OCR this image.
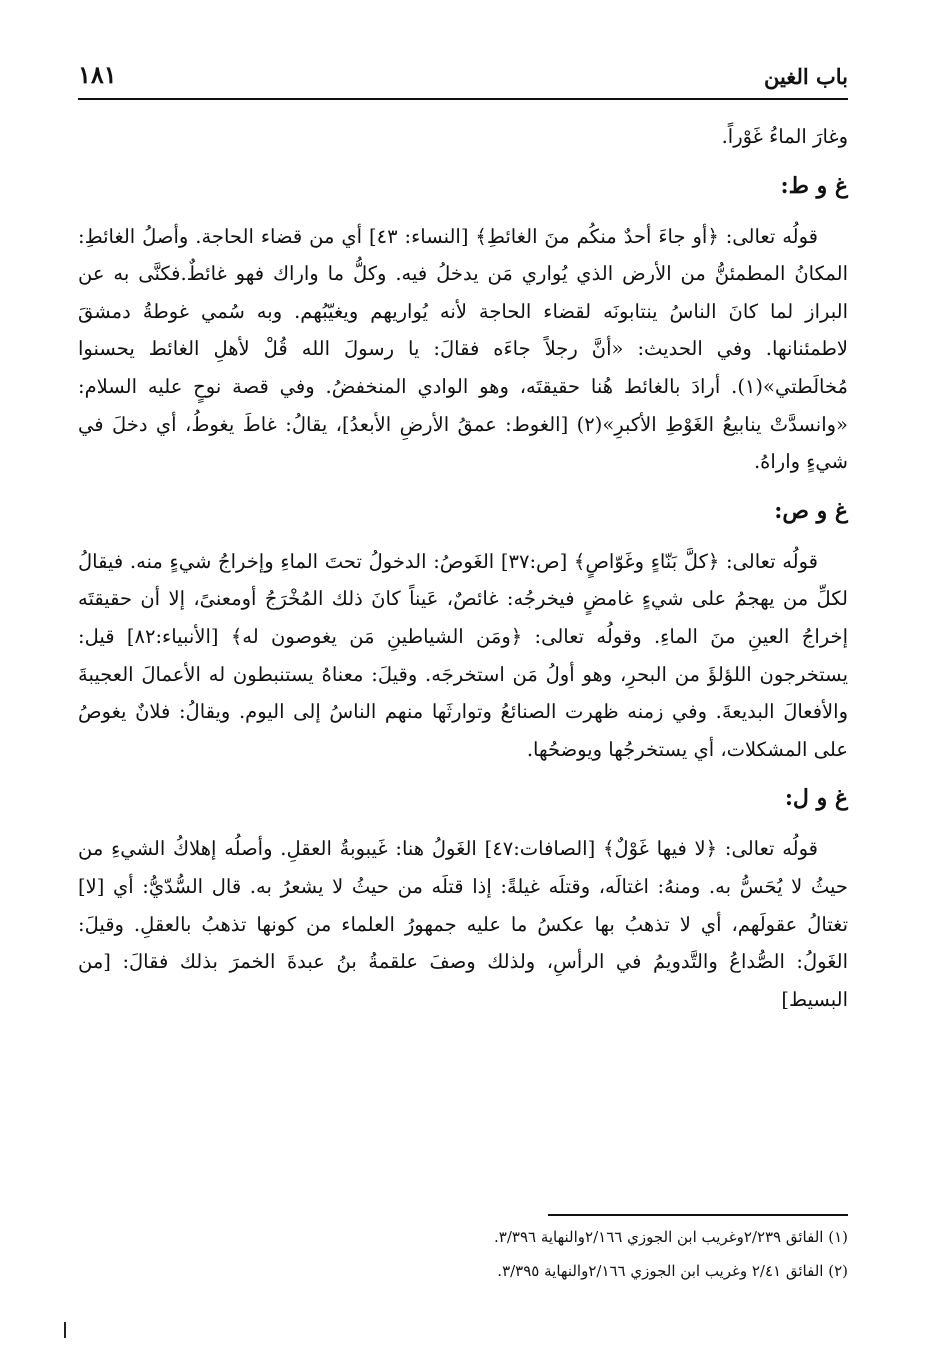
باب الغين
١٨١

وغارَ الماءُ غَوْراً.

غ و ط:

قولُه تعالى: ﴿أو جاءَ أحدٌ منكُم منَ الغائطِ﴾ [النساء: ٤٣] أي من قضاء الحاجة. وأصلُ الغائطِ: المكانُ المطمئنُّ من الأرض الذي يُواري مَن يدخلُ فيه. وكلُّ ما واراك فهو غائطٌ.فكنَّى به عن البراز لما كانَ الناسُ ينتابونَه لقضاء الحاجة لأنه يُواريهم ويغيّبُهم. وبه سُمي غوطةُ دمشقَ لاطمئنانها. وفي الحديث: «أنَّ رجلاً جاءَه فقالَ: يا رسولَ الله قُلْ لأهلِ الغائط يحسنوا مُخالَطتي»(١). أرادَ بالغائط هُنا حقيقتَه، وهو الوادي المنخفضُ. وفي قصة نوحٍ عليه السلام: «وانسدَّتْ ينابيعُ الغَوْطِ الأكبرِ»(٢) [الغوط: عمقُ الأرضِ الأبعدُ]، يقالُ: غاطَ يغوطُ، أي دخلَ في شيءٍ واراهُ.

غ و ص:

قولُه تعالى: ﴿كلَّ بَنّاءٍ وغَوّاصٍ﴾ [ص:٣٧] الغَوصُ: الدخولُ تحتَ الماءِ وإخراجُ شيءٍ منه. فيقالُ لكلِّ من يهجمُ على شيءٍ غامضٍ فيخرجُه: غائصٌ، عَيناً كانَ ذلك المُخْرَجُ أومعنىً، إلا أن حقيقتَه إخراجُ العينِ منَ الماءِ. وقولُه تعالى: ﴿ومَن الشياطينِ مَن يغوصون له﴾ [الأنبياء:٨٢] قيل: يستخرجون اللؤلؤَ من البحرِ، وهو أولُ مَن استخرجَه. وقيلَ: معناهُ يستنبطون له الأعمالَ العجيبةَ والأفعالَ البديعةَ. وفي زمنه ظهرت الصنائعُ وتوارثَها منهم الناسُ إلى اليوم. ويقالُ: فلانٌ يغوصُ على المشكلات، أي يستخرجُها ويوضحُها.

غ و ل:

قولُه تعالى: ﴿لا فيها غَوْلٌ﴾ [الصافات:٤٧] الغَولُ هنا: غَيبوبةُ العقلِ. وأصلُه إهلاكُ الشيءِ من حيثُ لا يُحَسُّ به. ومنهُ: اغتالَه، وقتلَه غيلةً: إذا قتلَه من حيثُ لا يشعرُ به. قال السُّدّيُّ: أي [لا] تغتالُ عقولَهم، أي لا تذهبُ بها عكسُ ما عليه جمهورُ العلماء من كونها تذهبُ بالعقلِ. وقيلَ: الغَولُ: الصُّداعُ والتَّدويمُ في الرأسِ، ولذلك وصفَ علقمةُ بنُ عبدةَ الخمرَ بذلك فقالَ: [من البسيط]

(١) الفائق ٢/٢٣٩وغريب ابن الجوزي ٢/١٦٦والنهاية ٣/٣٩٦.

(٢) الفائق ٢/٤١ وغريب ابن الجوزي ٢/١٦٦والنهاية ٣/٣٩٥.
